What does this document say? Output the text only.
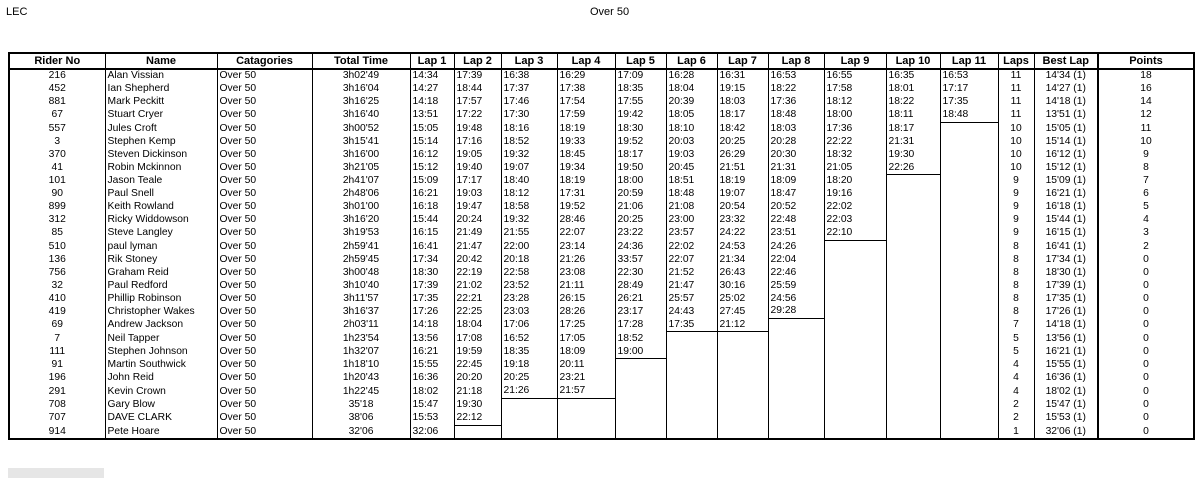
LEC	Over 50
Rider No	Name	Catagories	Total Time	Lap 1	Lap 2	Lap 3	Lap 4	Lap 5	Lap 6	Lap 7	Lap 8	Lap 9	Lap 10	Lap 11	Laps	Best Lap	Points
216	Alan Vissian	Over 50	3h02'49	14:34	17:39	16:38	16:29	17:09	16:28	16:31	16:53	16:55	16:35	16:53	11	14'34 (1)	18
452	Ian Shepherd	Over 50	3h16'04	14:27	18:44	17:37	17:38	18:35	18:04	19:15	18:22	17:58	18:01	17:17	11	14'27 (1)	16
881	Mark Peckitt	Over 50	3h16'25	14:18	17:57	17:46	17:54	17:55	20:39	18:03	17:36	18:12	18:22	17:35	11	14'18 (1)	14
67	Stuart Cryer	Over 50	3h16'40	13:51	17:22	17:30	17:59	19:42	18:05	18:17	18:48	18:00	18:11	18:48	11	13'51 (1)	12
557	Jules Croft	Over 50	3h00'52	15:05	19:48	18:16	18:19	18:30	18:10	18:42	18:03	17:36	18:17		10	15'05 (1)	11
3	Stephen Kemp	Over 50	3h15'41	15:14	17:16	18:52	19:33	19:52	20:03	20:25	20:28	22:22	21:31		10	15'14 (1)	10
370	Steven Dickinson	Over 50	3h16'00	16:12	19:05	19:32	18:45	18:17	19:03	26:29	20:30	18:32	19:30		10	16'12 (1)	9
41	Robin Mckinnon	Over 50	3h21'05	15:12	19:40	19:07	19:34	19:50	20:45	21:51	21:31	21:05	22:26		10	15'12 (1)	8
101	Jason Teale	Over 50	2h41'07	15:09	17:17	18:40	18:19	18:00	18:51	18:19	18:09	18:20			9	15'09 (1)	7
90	Paul Snell	Over 50	2h48'06	16:21	19:03	18:12	17:31	20:59	18:48	19:07	18:47	19:16			9	16'21 (1)	6
899	Keith Rowland	Over 50	3h01'00	16:18	19:47	18:58	19:52	21:06	21:08	20:54	20:52	22:02			9	16'18 (1)	5
312	Ricky Widdowson	Over 50	3h16'20	15:44	20:24	19:32	28:46	20:25	23:00	23:32	22:48	22:03			9	15'44 (1)	4
85	Steve Langley	Over 50	3h19'53	16:15	21:49	21:55	22:07	23:22	23:57	24:22	23:51	22:10			9	16'15 (1)	3
510	paul lyman	Over 50	2h59'41	16:41	21:47	22:00	23:14	24:36	22:02	24:53	24:26				8	16'41 (1)	2
136	Rik Stoney	Over 50	2h59'45	17:34	20:42	20:18	21:26	33:57	22:07	21:34	22:04				8	17'34 (1)	0
756	Graham Reid	Over 50	3h00'48	18:30	22:19	22:58	23:08	22:30	21:52	26:43	22:46				8	18'30 (1)	0
32	Paul Redford	Over 50	3h10'40	17:39	21:02	23:52	21:11	28:49	21:47	30:16	25:59				8	17'39 (1)	0
410	Phillip Robinson	Over 50	3h11'57	17:35	22:21	23:28	26:15	26:21	25:57	25:02	24:56				8	17'35 (1)	0
419	Christopher Wakes	Over 50	3h16'37	17:26	22:25	23:03	28:26	23:17	24:43	27:45	29:28				8	17'26 (1)	0
69	Andrew Jackson	Over 50	2h03'11	14:18	18:04	17:06	17:25	17:28	17:35	21:12					7	14'18 (1)	0
7	Neil Tapper	Over 50	1h23'54	13:56	17:08	16:52	17:05	18:52							5	13'56 (1)	0
111	Stephen Johnson	Over 50	1h32'07	16:21	19:59	18:35	18:09	19:00							5	16'21 (1)	0
91	Martin Southwick	Over 50	1h18'10	15:55	22:45	19:18	20:11								4	15'55 (1)	0
196	John Reid	Over 50	1h20'43	16:36	20:20	20:25	23:21								4	16'36 (1)	0
291	Kevin Crown	Over 50	1h22'45	18:02	21:18	21:26	21:57								4	18'02 (1)	0
708	Gary Blow	Over 50	35'18	15:47	19:30										2	15'47 (1)	0
707	DAVE CLARK	Over 50	38'06	15:53	22:12										2	15'53 (1)	0
914	Pete Hoare	Over 50	32'06	32:06											1	32'06 (1)	0
